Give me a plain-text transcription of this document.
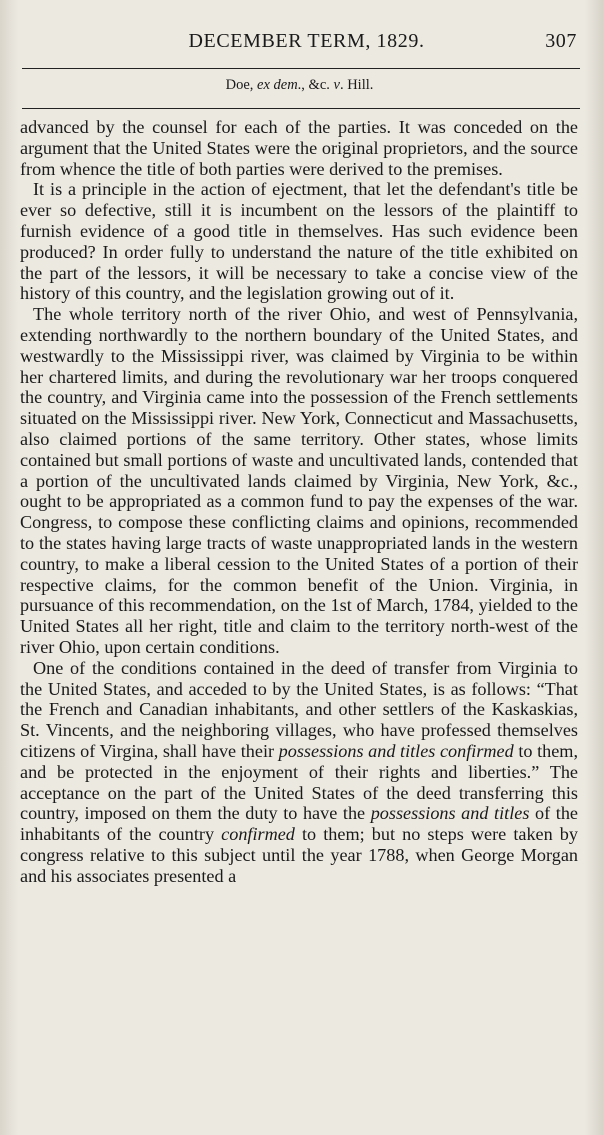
DECEMBER TERM, 1829.	307
Doe, ex dem., &c. v. Hill.

advanced by the counsel for each of the parties. It was conceded on the argument that the United States were the original proprietors, and the source from whence the title of both parties were derived to the premises.

It is a principle in the action of ejectment, that let the defendant's title be ever so defective, still it is incumbent on the lessors of the plaintiff to furnish evidence of a good title in themselves. Has such evidence been produced? In order fully to understand the nature of the title exhibited on the part of the lessors, it will be necessary to take a concise view of the history of this country, and the legislation growing out of it.

The whole territory north of the river Ohio, and west of Pennsylvania, extending northwardly to the northern boundary of the United States, and westwardly to the Mississippi river, was claimed by Virginia to be within her chartered limits, and during the revolutionary war her troops conquered the country, and Virginia came into the possession of the French settlements situated on the Mississippi river. New York, Connecticut and Massachusetts, also claimed portions of the same territory. Other states, whose limits contained but small portions of waste and uncultivated lands, contended that a portion of the uncultivated lands claimed by Virginia, New York, &c., ought to be appropriated as a common fund to pay the expenses of the war. Congress, to compose these conflicting claims and opinions, recommended to the states having large tracts of waste unappropriated lands in the western country, to make a liberal cession to the United States of a portion of their respective claims, for the common benefit of the Union. Virginia, in pursuance of this recommendation, on the 1st of March, 1784, yielded to the United States all her right, title and claim to the territory north-west of the river Ohio, upon certain conditions.

One of the conditions contained in the deed of transfer from Virginia to the United States, and acceded to by the United States, is as follows: “That the French and Canadian inhabitants, and other settlers of the Kaskaskias, St. Vincents, and the neighboring villages, who have professed themselves citizens of Virgina, shall have their possessions and titles confirmed to them, and be protected in the enjoyment of their rights and liberties.” The acceptance on the part of the United States of the deed transferring this country, imposed on them the duty to have the possessions and titles of the inhabitants of the country confirmed to them; but no steps were taken by congress relative to this subject until the year 1788, when George Morgan and his associates presented a
